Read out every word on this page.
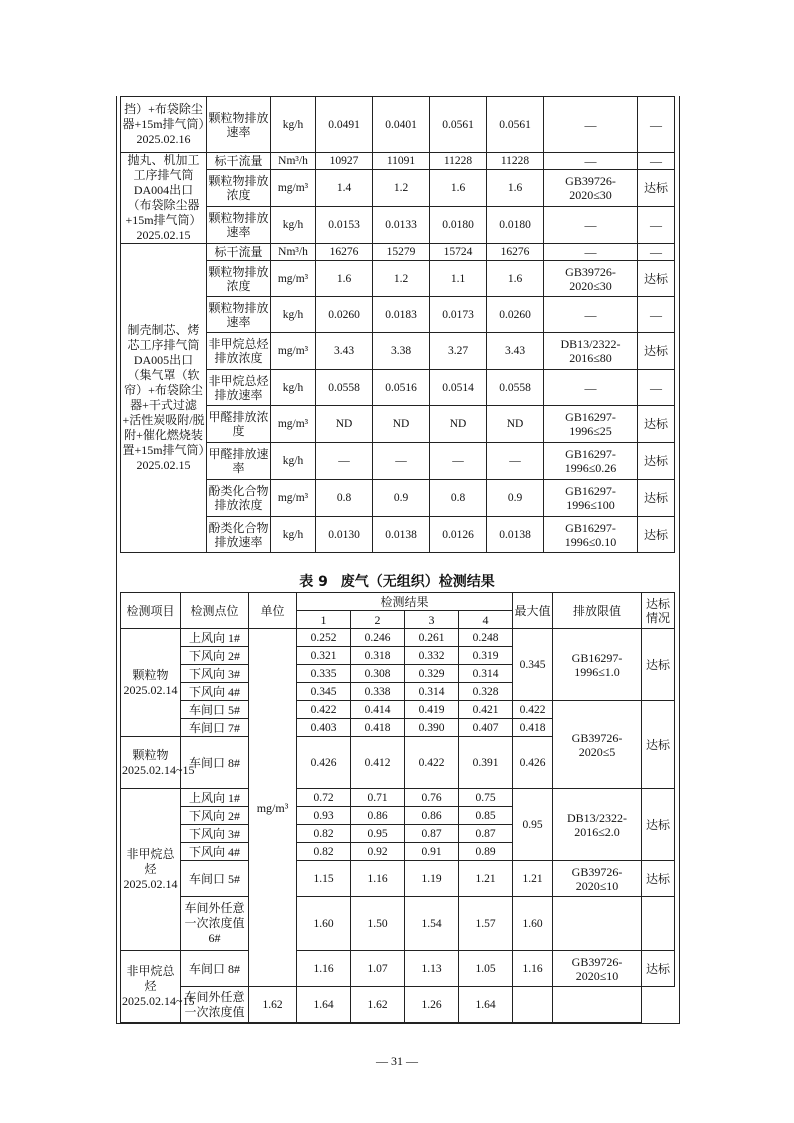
挡）+布袋除尘器+15m排气筒）2025.02.16	颗粒物排放速率	kg/h	0.0491	0.0401	0.0561	0.0561	—	—
抛丸、机加工工序排气筒DA004出口（布袋除尘器+15m排气筒）2025.02.15	标干流量	Nm³/h	10927	11091	11228	11228	—	—
	颗粒物排放浓度	mg/m³	1.4	1.2	1.6	1.6	GB39726-2020≤30	达标
	颗粒物排放速率	kg/h	0.0153	0.0133	0.0180	0.0180	—	—
制壳制芯、烤芯工序排气筒DA005出口（集气罩（软帘）+布袋除尘器+干式过滤+活性炭吸附/脱附+催化燃烧装置+15m排气筒）2025.02.15	标干流量	Nm³/h	16276	15279	15724	16276	—	—
	颗粒物排放浓度	mg/m³	1.6	1.2	1.1	1.6	GB39726-2020≤30	达标
	颗粒物排放速率	kg/h	0.0260	0.0183	0.0173	0.0260	—	—
	非甲烷总烃排放浓度	mg/m³	3.43	3.38	3.27	3.43	DB13/2322-2016≤80	达标
	非甲烷总烃排放速率	kg/h	0.0558	0.0516	0.0514	0.0558	—	—
	甲醛排放浓度	mg/m³	ND	ND	ND	ND	GB16297-1996≤25	达标
	甲醛排放速率	kg/h	—	—	—	—	GB16297-1996≤0.26	达标
	酚类化合物排放浓度	mg/m³	0.8	0.9	0.8	0.9	GB16297-1996≤100	达标
	酚类化合物排放速率	kg/h	0.0130	0.0138	0.0126	0.0138	GB16297-1996≤0.10	达标
表 9 废气（无组织）检测结果
检测项目	检测点位	单位	检测结果				最大值	排放限值	达标情况
			1	2	3	4			
颗粒物2025.02.14	上风向 1#	mg/m³	0.252	0.246	0.261	0.248	0.345	GB16297-1996≤1.0	达标
	下风向 2#		0.321	0.318	0.332	0.319			
	下风向 3#		0.335	0.308	0.329	0.314			
	下风向 4#		0.345	0.338	0.314	0.328			
	车间口 5#		0.422	0.414	0.419	0.421	0.422	GB39726-2020≤5	达标
	车间口 7#		0.403	0.418	0.390	0.407	0.418		
颗粒物2025.02.14~15	车间口 8#		0.426	0.412	0.422	0.391	0.426		
非甲烷总烃2025.02.14	上风向 1#		0.72	0.71	0.76	0.75	0.95	DB13/2322-2016≤2.0	达标
	下风向 2#		0.93	0.86	0.86	0.85			
	下风向 3#		0.82	0.95	0.87	0.87			
	下风向 4#		0.82	0.92	0.91	0.89			
	车间口 5#		1.15	1.16	1.19	1.21	1.21	GB39726-2020≤10	达标
	车间外任意一次浓度值 6#		1.60	1.50	1.54	1.57	1.60		
非甲烷总烃2025.02.14~15	车间口 8#		1.16	1.07	1.13	1.05	1.16	GB39726-2020≤10	达标
	车间外任意一次浓度值	1.62	1.64	1.62	1.26	1.64			
— 31 —
